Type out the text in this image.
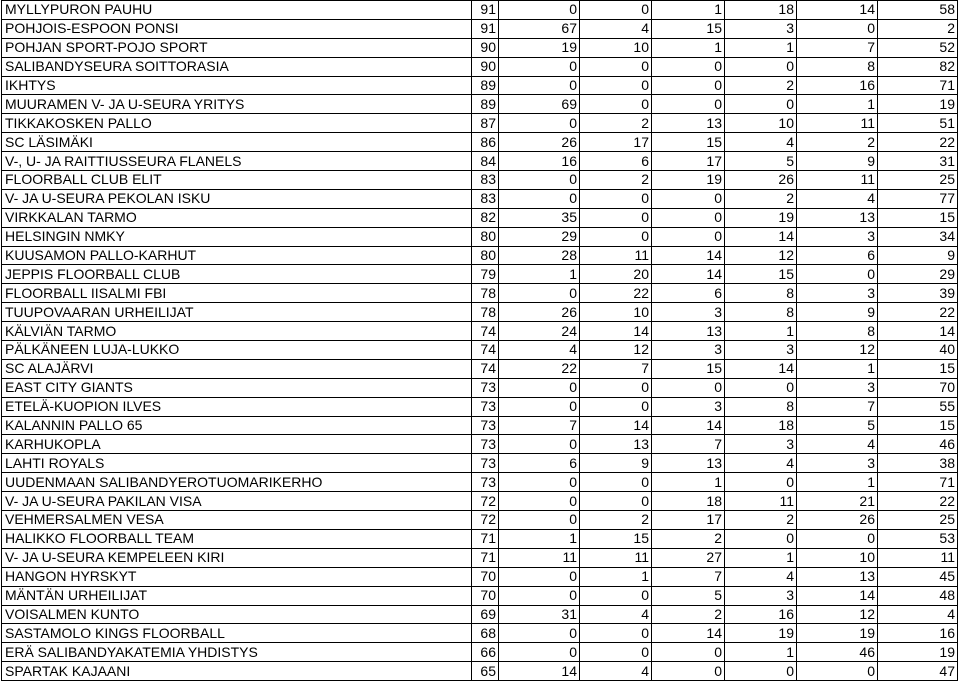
MYLLYPURON PAUHU	91	0	0	1	18	14	58
POHJOIS-ESPOON PONSI	91	67	4	15	3	0	2
POHJAN SPORT-POJO SPORT	90	19	10	1	1	7	52
SALIBANDYSEURA SOITTORASIA	90	0	0	0	0	8	82
IKHTYS	89	0	0	0	2	16	71
MUURAMEN V- JA U-SEURA YRITYS	89	69	0	0	0	1	19
TIKKAKOSKEN PALLO	87	0	2	13	10	11	51
SC LÄSIMÄKI	86	26	17	15	4	2	22
V-, U- JA RAITTIUSSEURA FLANELS	84	16	6	17	5	9	31
FLOORBALL CLUB ELIT	83	0	2	19	26	11	25
V- JA U-SEURA PEKOLAN ISKU	83	0	0	0	2	4	77
VIRKKALAN TARMO	82	35	0	0	19	13	15
HELSINGIN NMKY	80	29	0	0	14	3	34
KUUSAMON PALLO-KARHUT	80	28	11	14	12	6	9
JEPPIS FLOORBALL CLUB	79	1	20	14	15	0	29
FLOORBALL IISALMI FBI	78	0	22	6	8	3	39
TUUPOVAARAN URHEILIJAT	78	26	10	3	8	9	22
KÄLVIÄN TARMO	74	24	14	13	1	8	14
PÄLKÄNEEN LUJA-LUKKO	74	4	12	3	3	12	40
SC ALAJÄRVI	74	22	7	15	14	1	15
EAST CITY GIANTS	73	0	0	0	0	3	70
ETELÄ-KUOPION ILVES	73	0	0	3	8	7	55
KALANNIN PALLO 65	73	7	14	14	18	5	15
KARHUKOPLA	73	0	13	7	3	4	46
LAHTI ROYALS	73	6	9	13	4	3	38
UUDENMAAN SALIBANDYEROTUOMARIKERHO	73	0	0	1	0	1	71
V- JA U-SEURA PAKILAN VISA	72	0	0	18	11	21	22
VEHMERSALMEN VESA	72	0	2	17	2	26	25
HALIKKO FLOORBALL TEAM	71	1	15	2	0	0	53
V- JA U-SEURA KEMPELEEN KIRI	71	11	11	27	1	10	11
HANGON HYRSKYT	70	0	1	7	4	13	45
MÄNTÄN URHEILIJAT	70	0	0	5	3	14	48
VOISALMEN KUNTO	69	31	4	2	16	12	4
SASTAMOLO KINGS FLOORBALL	68	0	0	14	19	19	16
ERÄ SALIBANDYAKATEMIA YHDISTYS	66	0	0	0	1	46	19
SPARTAK KAJAANI	65	14	4	0	0	0	47
